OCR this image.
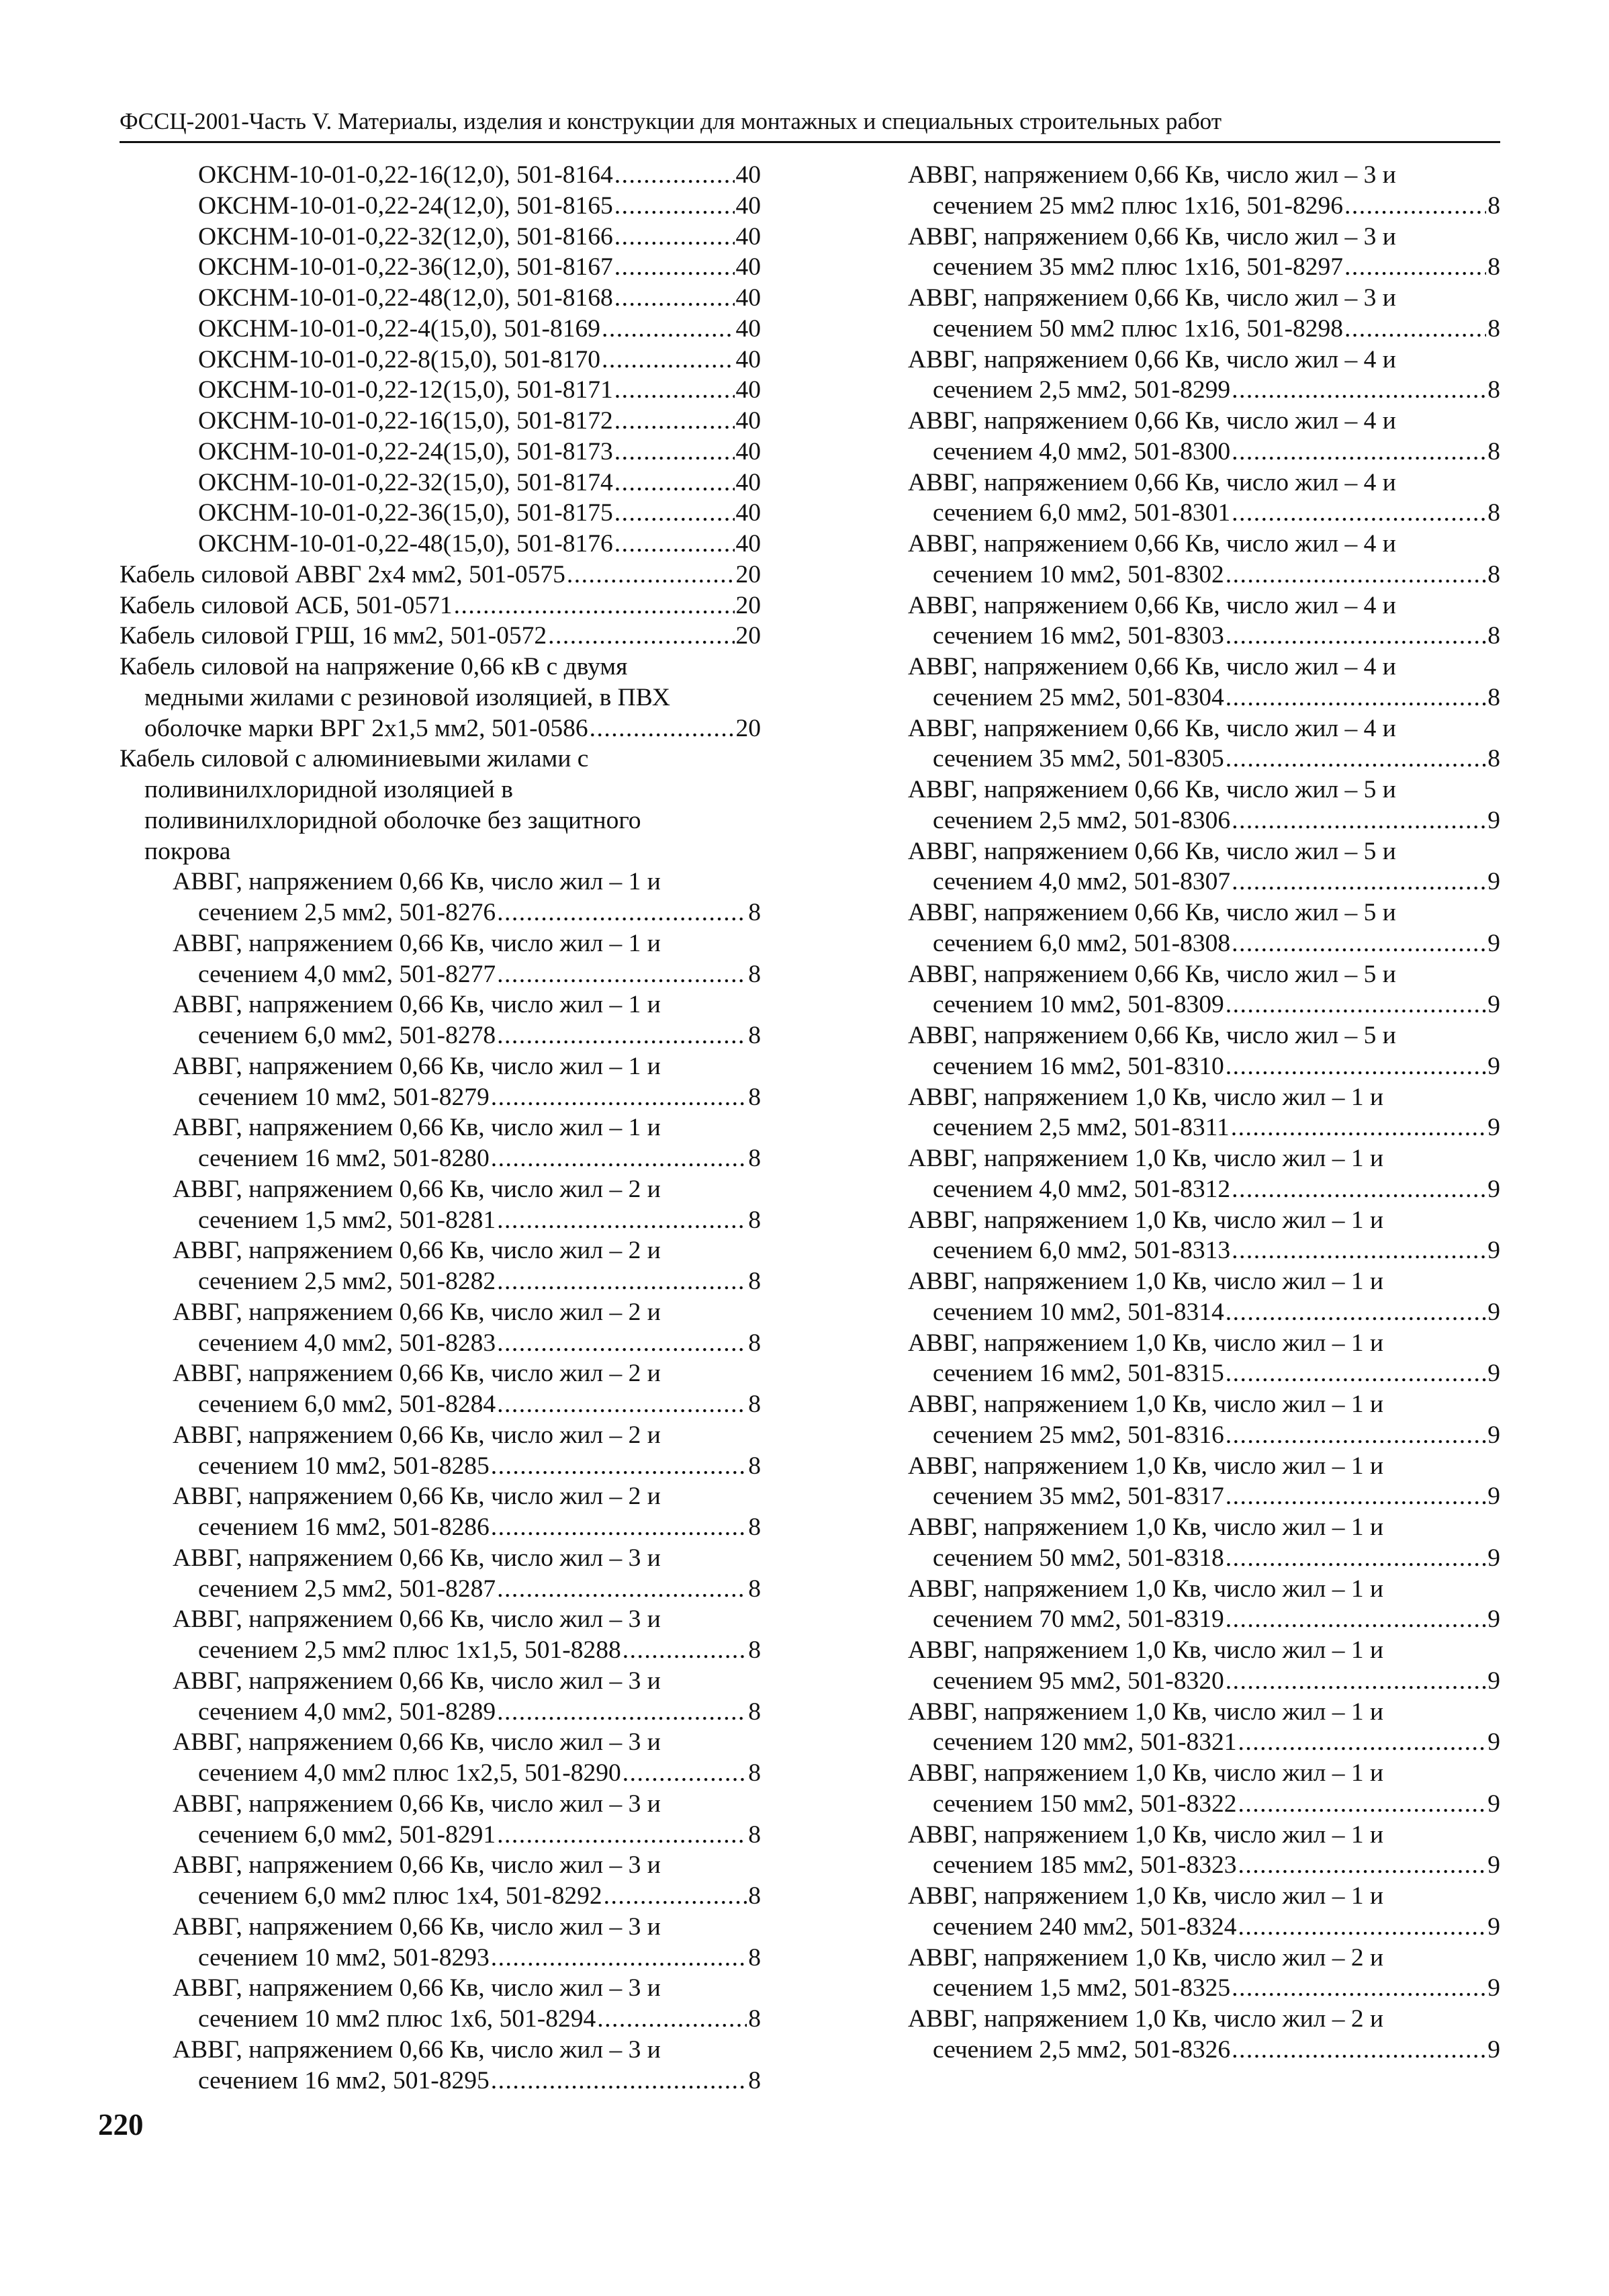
ФССЦ-2001-Часть V. Материалы, изделия и конструкции для монтажных и специальных строительных работ
ОКСНМ-10-01-0,22-16(12,0), 501-8164 .....	40
ОКСНМ-10-01-0,22-24(12,0), 501-8165 .....	40
ОКСНМ-10-01-0,22-32(12,0), 501-8166 .....	40
ОКСНМ-10-01-0,22-36(12,0), 501-8167 .....	40
ОКСНМ-10-01-0,22-48(12,0), 501-8168 .....	40
ОКСНМ-10-01-0,22-4(15,0), 501-8169 .....	40
ОКСНМ-10-01-0,22-8(15,0), 501-8170 .....	40
ОКСНМ-10-01-0,22-12(15,0), 501-8171 .....	40
ОКСНМ-10-01-0,22-16(15,0), 501-8172 .....	40
ОКСНМ-10-01-0,22-24(15,0), 501-8173 .....	40
ОКСНМ-10-01-0,22-32(15,0), 501-8174 .....	40
ОКСНМ-10-01-0,22-36(15,0), 501-8175 .....	40
ОКСНМ-10-01-0,22-48(15,0), 501-8176 .....	40
Кабель силовой АВВГ 2х4 мм2, 501-0575 .....	20
Кабель силовой АСБ, 501-0571 .....	20
Кабель силовой ГРШ, 16 мм2, 501-0572 .....	20
Кабель силовой на напряжение 0,66 кВ с двумя
медными жилами с резиновой изоляцией, в ПВХ
оболочке марки ВРГ 2х1,5 мм2, 501-0586 .....	20
Кабель силовой с алюминиевыми жилами с
поливинилхлоридной изоляцией в
поливинилхлоридной оболочке без защитного
покрова
АВВГ, напряжением 0,66 Кв, число жил – 1 и
сечением 2,5 мм2, 501-8276 .....	8
АВВГ, напряжением 0,66 Кв, число жил – 1 и
сечением 4,0 мм2, 501-8277 .....	8
АВВГ, напряжением 0,66 Кв, число жил – 1 и
сечением 6,0 мм2, 501-8278 .....	8
АВВГ, напряжением 0,66 Кв, число жил – 1 и
сечением 10 мм2, 501-8279 .....	8
АВВГ, напряжением 0,66 Кв, число жил – 1 и
сечением 16 мм2, 501-8280 .....	8
АВВГ, напряжением 0,66 Кв, число жил – 2 и
сечением 1,5 мм2, 501-8281 .....	8
АВВГ, напряжением 0,66 Кв, число жил – 2 и
сечением 2,5 мм2, 501-8282 .....	8
АВВГ, напряжением 0,66 Кв, число жил – 2 и
сечением 4,0 мм2, 501-8283 .....	8
АВВГ, напряжением 0,66 Кв, число жил – 2 и
сечением 6,0 мм2, 501-8284 .....	8
АВВГ, напряжением 0,66 Кв, число жил – 2 и
сечением 10 мм2, 501-8285 .....	8
АВВГ, напряжением 0,66 Кв, число жил – 2 и
сечением 16 мм2, 501-8286 .....	8
АВВГ, напряжением 0,66 Кв, число жил – 3 и
сечением 2,5 мм2, 501-8287 .....	8
АВВГ, напряжением 0,66 Кв, число жил – 3 и
сечением 2,5 мм2 плюс 1х1,5, 501-8288 .....	8
АВВГ, напряжением 0,66 Кв, число жил – 3 и
сечением 4,0 мм2, 501-8289 .....	8
АВВГ, напряжением 0,66 Кв, число жил – 3 и
сечением 4,0 мм2 плюс 1х2,5, 501-8290 .....	8
АВВГ, напряжением 0,66 Кв, число жил – 3 и
сечением 6,0 мм2, 501-8291 .....	8
АВВГ, напряжением 0,66 Кв, число жил – 3 и
сечением 6,0 мм2 плюс 1х4, 501-8292 .....	8
АВВГ, напряжением 0,66 Кв, число жил – 3 и
сечением 10 мм2, 501-8293 .....	8
АВВГ, напряжением 0,66 Кв, число жил – 3 и
сечением 10 мм2 плюс 1х6, 501-8294 .....	8
АВВГ, напряжением 0,66 Кв, число жил – 3 и
сечением 16 мм2, 501-8295 .....	8
АВВГ, напряжением 0,66 Кв, число жил – 3 и
сечением 25 мм2 плюс 1х16, 501-8296 .....	8
АВВГ, напряжением 0,66 Кв, число жил – 3 и
сечением 35 мм2 плюс 1х16, 501-8297 .....	8
АВВГ, напряжением 0,66 Кв, число жил – 3 и
сечением 50 мм2 плюс 1х16, 501-8298 .....	8
АВВГ, напряжением 0,66 Кв, число жил – 4 и
сечением 2,5 мм2, 501-8299 .....	8
АВВГ, напряжением 0,66 Кв, число жил – 4 и
сечением 4,0 мм2, 501-8300 .....	8
АВВГ, напряжением 0,66 Кв, число жил – 4 и
сечением 6,0 мм2, 501-8301 .....	8
АВВГ, напряжением 0,66 Кв, число жил – 4 и
сечением 10 мм2, 501-8302 .....	8
АВВГ, напряжением 0,66 Кв, число жил – 4 и
сечением 16 мм2, 501-8303 .....	8
АВВГ, напряжением 0,66 Кв, число жил – 4 и
сечением 25 мм2, 501-8304 .....	8
АВВГ, напряжением 0,66 Кв, число жил – 4 и
сечением 35 мм2, 501-8305 .....	8
АВВГ, напряжением 0,66 Кв, число жил – 5 и
сечением 2,5 мм2, 501-8306 .....	9
АВВГ, напряжением 0,66 Кв, число жил – 5 и
сечением 4,0 мм2, 501-8307 .....	9
АВВГ, напряжением 0,66 Кв, число жил – 5 и
сечением 6,0 мм2, 501-8308 .....	9
АВВГ, напряжением 0,66 Кв, число жил – 5 и
сечением 10 мм2, 501-8309 .....	9
АВВГ, напряжением 0,66 Кв, число жил – 5 и
сечением 16 мм2, 501-8310 .....	9
АВВГ, напряжением 1,0 Кв, число жил – 1 и
сечением 2,5 мм2, 501-8311 .....	9
АВВГ, напряжением 1,0 Кв, число жил – 1 и
сечением 4,0 мм2, 501-8312 .....	9
АВВГ, напряжением 1,0 Кв, число жил – 1 и
сечением 6,0 мм2, 501-8313 .....	9
АВВГ, напряжением 1,0 Кв, число жил – 1 и
сечением 10 мм2, 501-8314 .....	9
АВВГ, напряжением 1,0 Кв, число жил – 1 и
сечением 16 мм2, 501-8315 .....	9
АВВГ, напряжением 1,0 Кв, число жил – 1 и
сечением 25 мм2, 501-8316 .....	9
АВВГ, напряжением 1,0 Кв, число жил – 1 и
сечением 35 мм2, 501-8317 .....	9
АВВГ, напряжением 1,0 Кв, число жил – 1 и
сечением 50 мм2, 501-8318 .....	9
АВВГ, напряжением 1,0 Кв, число жил – 1 и
сечением 70 мм2, 501-8319 .....	9
АВВГ, напряжением 1,0 Кв, число жил – 1 и
сечением 95 мм2, 501-8320 .....	9
АВВГ, напряжением 1,0 Кв, число жил – 1 и
сечением 120 мм2, 501-8321 .....	9
АВВГ, напряжением 1,0 Кв, число жил – 1 и
сечением 150 мм2, 501-8322 .....	9
АВВГ, напряжением 1,0 Кв, число жил – 1 и
сечением 185 мм2, 501-8323 .....	9
АВВГ, напряжением 1,0 Кв, число жил – 1 и
сечением 240 мм2, 501-8324 .....	9
АВВГ, напряжением 1,0 Кв, число жил – 2 и
сечением 1,5 мм2, 501-8325 .....	9
АВВГ, напряжением 1,0 Кв, число жил – 2 и
сечением 2,5 мм2, 501-8326 .....	9
220
